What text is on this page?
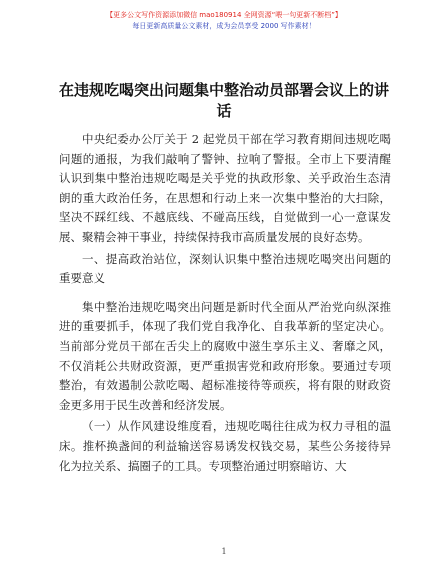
【更多公文写作资源添加微信 mao180914 全网资源“喂一句更新不断档”】
每日更新高质量公文素材，成为会员享受 2000 写作素材！
在违规吃喝突出问题集中整治动员部署会议上的讲话

中央纪委办公厅关于 2 起党员干部在学习教育期间违规吃喝问题的通报，为我们敲响了警钟、拉响了警报。全市上下要清醒认识到集中整治违规吃喝是关乎党的执政形象、关乎政治生态清朗的重大政治任务，在思想和行动上来一次集中整治的大扫除，坚决不踩红线、不越底线、不碰高压线，自觉做到一心一意谋发展、聚精会神干事业，持续保持我市高质量发展的良好态势。

一、提高政治站位，深刻认识集中整治违规吃喝突出问题的重要意义

集中整治违规吃喝突出问题是新时代全面从严治党向纵深推进的重要抓手，体现了我们党自我净化、自我革新的坚定决心。当前部分党员干部在舌尖上的腐败中滋生享乐主义、奢靡之风，不仅消耗公共财政资源，更严重损害党和政府形象。要通过专项整治，有效遏制公款吃喝、超标准接待等顽疾，将有限的财政资金更多用于民生改善和经济发展。

（一）从作风建设维度看，违规吃喝往往成为权力寻租的温床。推杯换盏间的利益输送容易诱发权钱交易，某些公务接待异化为拉关系、搞圈子的工具。专项整治通过明察暗访、大

1
